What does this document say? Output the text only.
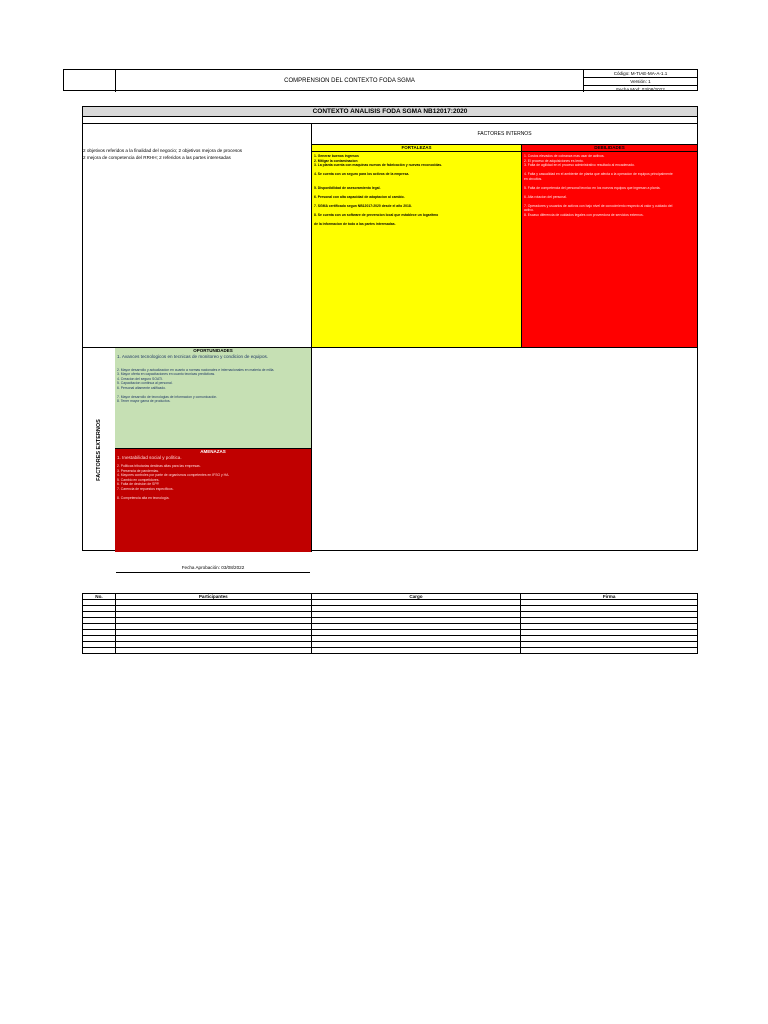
COMPRENSION DEL CONTEXTO FODA SGMA
Código: M-TIAE-MA-A-1.1
Versión: 1
Fecha Mod: 03/08/2022
CONTEXTO ANALISIS FODA SGMA NB12017:2020
2 objetivos referidos a la finalidad del negocio; 2 objetivos mejora de procesos
2 mejora de competencia del RRHH; 2 referidos a las partes interesadas
FACTORES INTERNOS
FORTALEZAS
1. Generar buenos ingresos
2. Mitigar la contaminacion
3. La planta cuenta con maquinas nuevas de fabricación y nuevas reconocidas.

4. Se cuenta con un seguro para los activos de la empresa.

5. Disponibilidad de asesoramiento legal.

6. Personal con alta capacidad de adaptacion al cambio.

7. SGMA certificado segun NB12017:2020 desde el año 2018.

8. Se cuenta con un software de prevencion local que establece un logaritmo

de la informacion de todo a las partes interesadas.
DEBILIDADES
1. Costos elevados de cobranza mas usar de activos.
2. El proceso de adquisiciones es lento.
3. Falta de agilidad en el proceso administrativo resultado al encadenado.

4. Falta y casualidad en el ambiente de planta que afecta a la operacion de equipos principalmente
en circuitos.

5. Falta de competencia del personal tecnico en los nuevos equipos que ingresan a planta.

6. Alta rotacion del personal.

7. Operadores y usuarios de activos con bajo nivel de conocimiento respecto al valor y cuidado del
activo.
8. Escaso diferencia de cuidados legales con proveedora de servicios externos.
FACTORES EXTERNOS
OPORTUNIDADES
1. Avances tecnologicos en tecnicas de monitoreo y condicion de equipos.

2. Mayor desarrollo y actualizacion en cuanto a normas nacionales e internacionales en materia de milla.
3. Mayor oferta en capacitaciones en cuanto tecnicas predictivas.
4. Creacion del seguro SOATI.
5. Capacitacion continua al personal.
6. Personal altamente calificado.

7. Mayor desarrollo de tecnologias de informacion y comunicación.
8. Tener mayor gama de productos.
AMENAZAS
1. Inestabilidad social y política.
2. Politicas tributarias destinas altas para las empresas.
3. Presencia de pandemias.
4. Mayores controles por parte de organismos competentes en IFSO y HA.
5. Cambio en competidores.
6. Falta de decision de SPP.
7. Carencia de repuestos especificos.

8. Competencia alta en tecnología.
Fecha Aprobación: 03/08/2022
No.	Participantes	Cargo	Firma
